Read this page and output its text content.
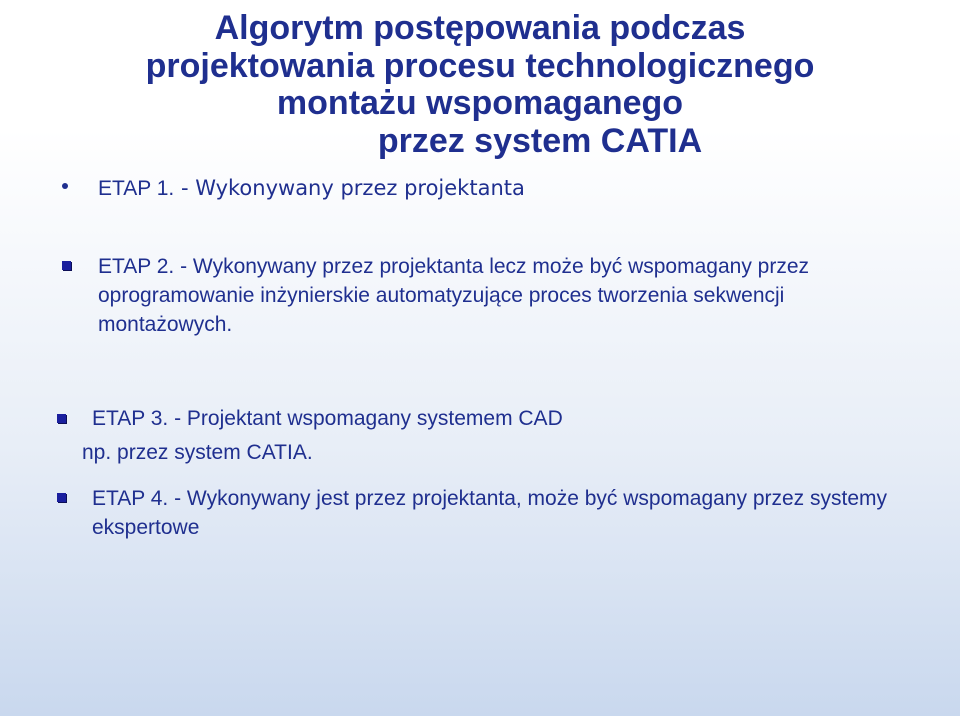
Algorytm postępowania podczas
projektowania procesu technologicznego
montażu wspomaganego
przez system CATIA
ETAP 1. - Wykonywany przez projektanta
ETAP 2. - Wykonywany przez projektanta lecz może być wspomagany przez oprogramowanie inżynierskie automatyzujące proces tworzenia sekwencji montażowych.
ETAP 3. - Projektant wspomagany systemem CAD
np. przez system CATIA.
ETAP 4. - Wykonywany jest przez projektanta, może być wspomagany przez systemy ekspertowe
